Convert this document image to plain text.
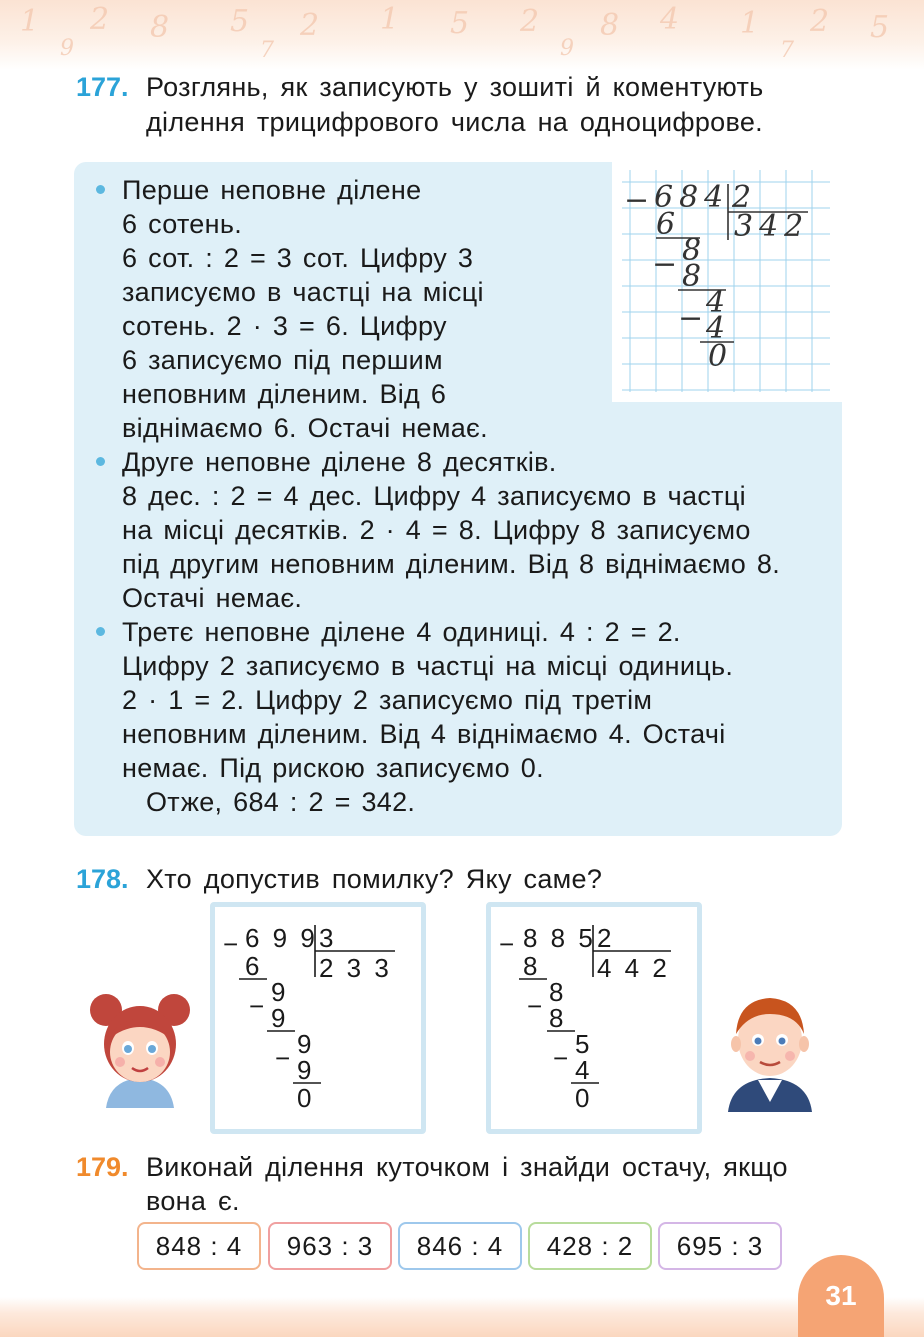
1 2 8 5 2 1 5 2 8 4 1 2 5
9	7	9	7
177. Розглянь, як записують у зошиті й коментують
ділення трицифрового числа на одноцифрове.
− 684 2
6 342
− 8
8
− 4
4
0
Перше неповне ділене
6 сотень.
6 сот. : 2 = 3 сот. Цифру 3
записуємо в частці на місці
сотень. 2 · 3 = 6. Цифру
6 записуємо під першим
неповним діленим. Від 6
віднімаємо 6. Остачі немає.
Друге неповне ділене 8 десятків.
8 дес. : 2 = 4 дес. Цифру 4 записуємо в частці
на місці десятків. 2 · 4 = 8. Цифру 8 записуємо
під другим неповним діленим. Від 8 віднімаємо 8.
Остачі немає.
Третє неповне ділене 4 одиниці. 4 : 2 = 2.
Цифру 2 записуємо в частці на місці одиниць.
2 · 1 = 2. Цифру 2 записуємо під третім
неповним діленим. Від 4 віднімаємо 4. Остачі
немає. Під рискою записуємо 0.
Отже, 684 : 2 = 342.
178. Хто допустив помилку? Яку саме?
− 6 9 9 3
6 2 3 3
− 9
9
− 9
9
0
− 8 8 5 2
8 4 4 2
− 8
8
− 5
4
0
179. Виконай ділення куточком і знайди остачу, якщо
вона є.
848 : 4	963 : 3	846 : 4	428 : 2	695 : 3
31
